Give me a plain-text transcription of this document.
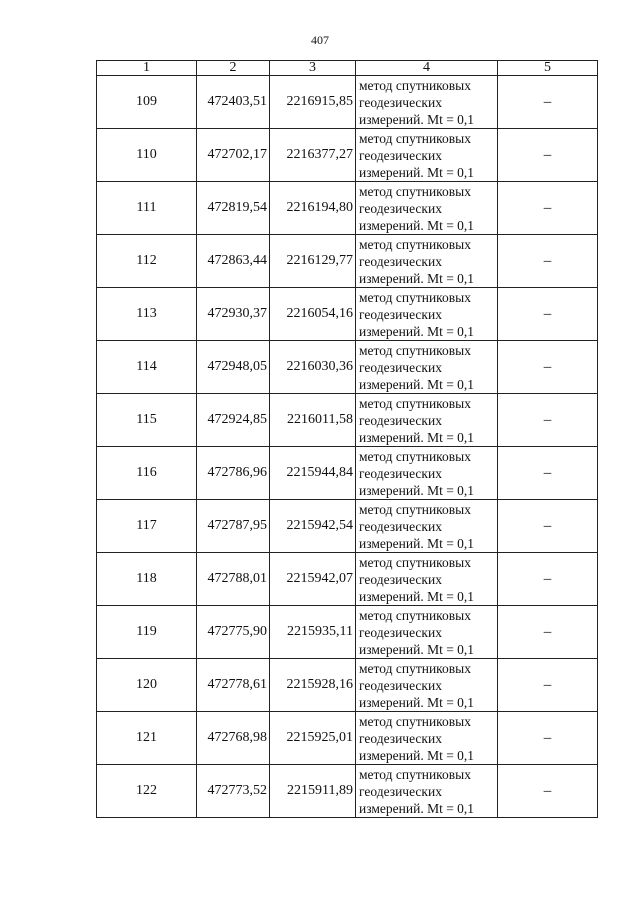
407
1	2	3	4	5
109	472403,51	2216915,85	метод спутниковых геодезических измерений. Mt = 0,1	–
110	472702,17	2216377,27	метод спутниковых геодезических измерений. Mt = 0,1	–
111	472819,54	2216194,80	метод спутниковых геодезических измерений. Mt = 0,1	–
112	472863,44	2216129,77	метод спутниковых геодезических измерений. Mt = 0,1	–
113	472930,37	2216054,16	метод спутниковых геодезических измерений. Mt = 0,1	–
114	472948,05	2216030,36	метод спутниковых геодезических измерений. Mt = 0,1	–
115	472924,85	2216011,58	метод спутниковых геодезических измерений. Mt = 0,1	–
116	472786,96	2215944,84	метод спутниковых геодезических измерений. Mt = 0,1	–
117	472787,95	2215942,54	метод спутниковых геодезических измерений. Mt = 0,1	–
118	472788,01	2215942,07	метод спутниковых геодезических измерений. Mt = 0,1	–
119	472775,90	2215935,11	метод спутниковых геодезических измерений. Mt = 0,1	–
120	472778,61	2215928,16	метод спутниковых геодезических измерений. Mt = 0,1	–
121	472768,98	2215925,01	метод спутниковых геодезических измерений. Mt = 0,1	–
122	472773,52	2215911,89	метод спутниковых геодезических измерений. Mt = 0,1	–
